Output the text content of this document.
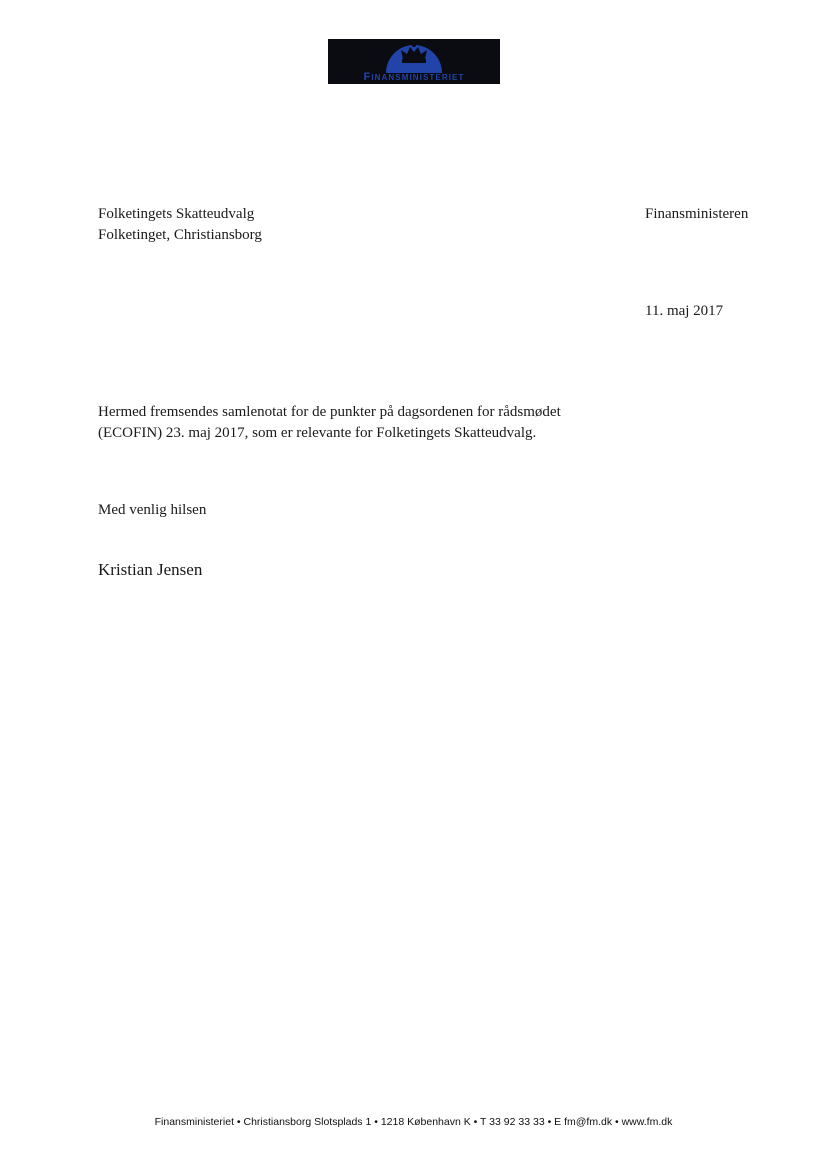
Finansministeriet
Folketingets Skatteudvalg
Folketinget, Christiansborg
Finansministeren
11. maj 2017
Hermed fremsendes samlenotat for de punkter på dagsordenen for rådsmødet
(ECOFIN) 23. maj 2017, som er relevante for Folketingets Skatteudvalg.
Med venlig hilsen
Kristian Jensen
Finansministeriet • Christiansborg Slotsplads 1 • 1218 København K • T 33 92 33 33 • E fm@fm.dk • www.fm.dk
